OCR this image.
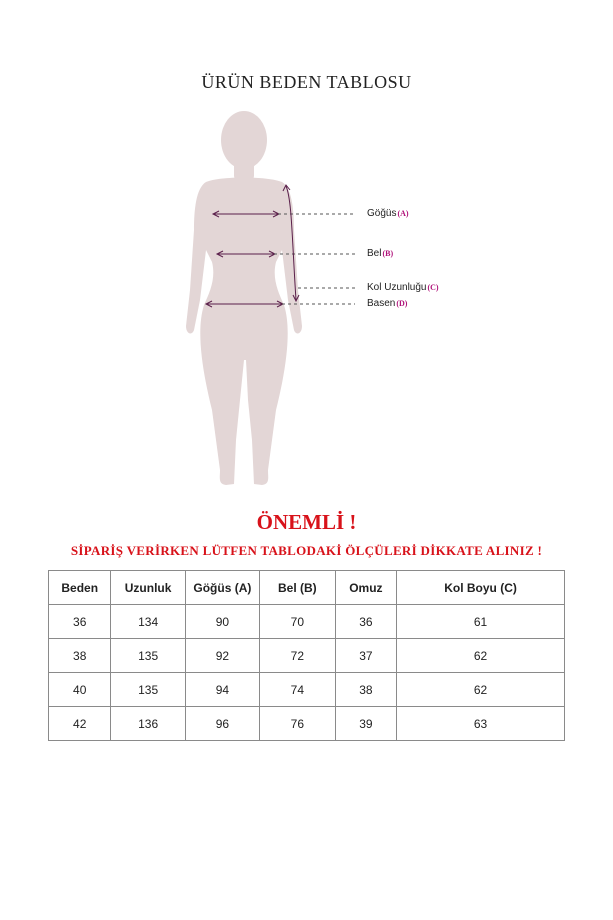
ÜRÜN BEDEN TABLOSU
Göğüs(A)
Bel(B)
Kol Uzunluğu(C)
Basen(D)
ÖNEMLİ !
SİPARİŞ VERİRKEN LÜTFEN TABLODAKİ ÖLÇÜLERİ DİKKATE ALINIZ !
Beden	Uzunluk	Göğüs (A)	Bel (B)	Omuz	Kol Boyu (C)
36	134	90	70	36	61
38	135	92	72	37	62
40	135	94	74	38	62
42	136	96	76	39	63
